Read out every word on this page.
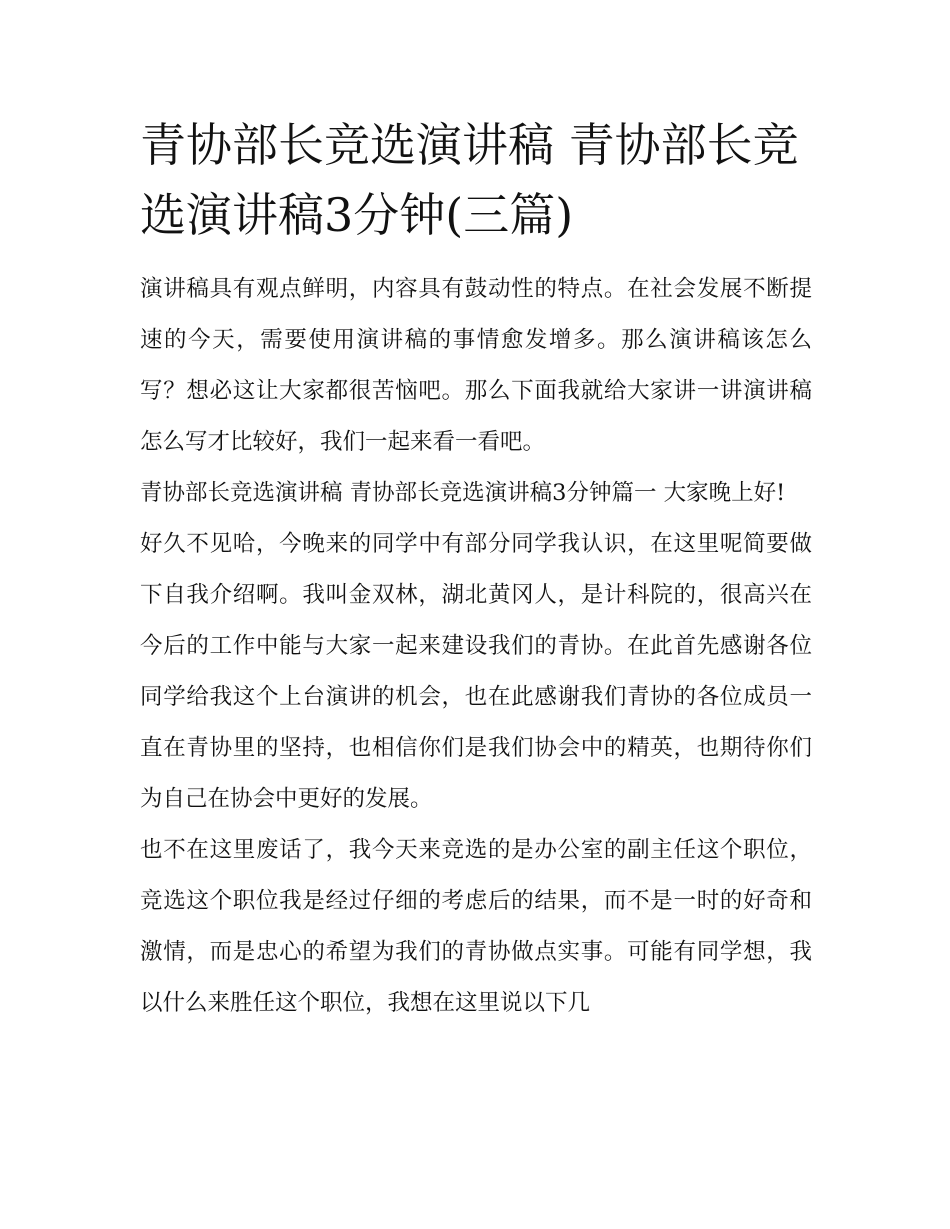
青协部长竞选演讲稿 青协部长竞选演讲稿3分钟(三篇)

演讲稿具有观点鲜明，内容具有鼓动性的特点。在社会发展不断提速的今天，需要使用演讲稿的事情愈发增多。那么演讲稿该怎么写？想必这让大家都很苦恼吧。那么下面我就给大家讲一讲演讲稿怎么写才比较好，我们一起来看一看吧。

青协部长竞选演讲稿 青协部长竞选演讲稿3分钟篇一 大家晚上好!

好久不见哈，今晚来的同学中有部分同学我认识，在这里呢简要做下自我介绍啊。我叫金双林，湖北黄冈人，是计科院的，很高兴在今后的工作中能与大家一起来建设我们的青协。在此首先感谢各位同学给我这个上台演讲的机会，也在此感谢我们青协的各位成员一直在青协里的坚持，也相信你们是我们协会中的精英，也期待你们为自己在协会中更好的发展。

也不在这里废话了，我今天来竞选的是办公室的副主任这个职位，竞选这个职位我是经过仔细的考虑后的结果，而不是一时的好奇和激情，而是忠心的希望为我们的青协做点实事。可能有同学想，我以什么来胜任这个职位，我想在这里说以下几
